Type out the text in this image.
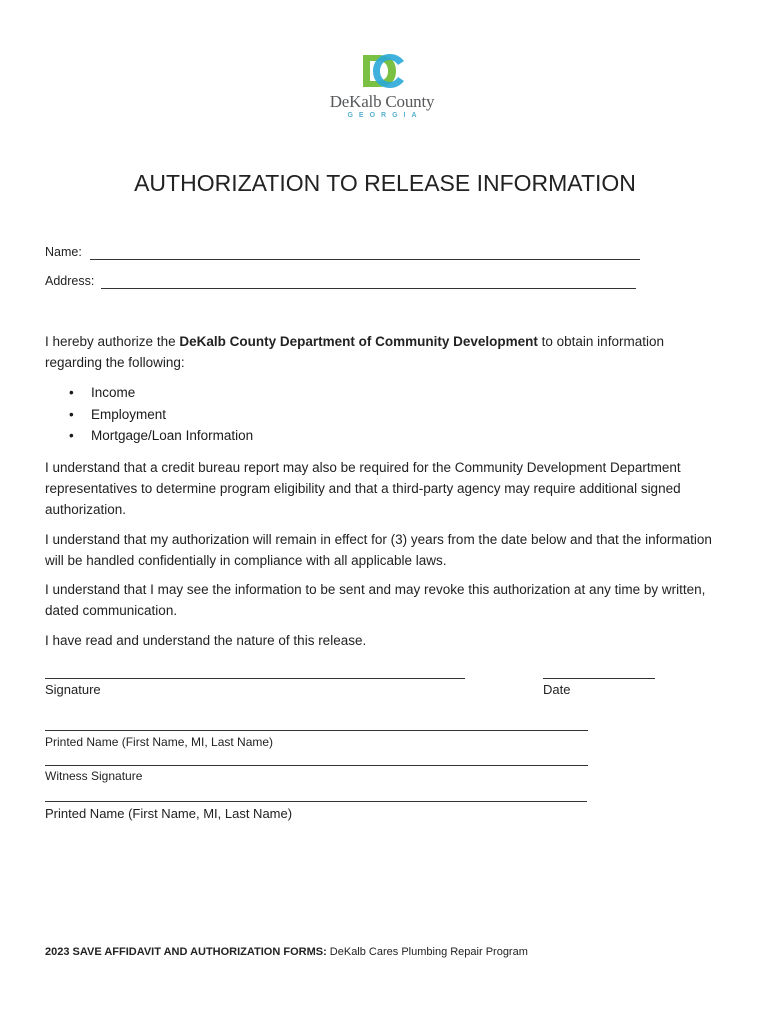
DeKalb County
GEORGIA
AUTHORIZATION TO RELEASE INFORMATION
Name:
Address:
I hereby authorize the DeKalb County Department of Community Development to obtain information regarding the following:
• Income
• Employment
• Mortgage/Loan Information
I understand that a credit bureau report may also be required for the Community Development Department representatives to determine program eligibility and that a third-party agency may require additional signed authorization.
I understand that my authorization will remain in effect for (3) years from the date below and that the information will be handled confidentially in compliance with all applicable laws.
I understand that I may see the information to be sent and may revoke this authorization at any time by written, dated communication.
I have read and understand the nature of this release.
Signature	Date
Printed Name (First Name, MI, Last Name)
Witness Signature
Printed Name (First Name, MI, Last Name)
2023 SAVE AFFIDAVIT AND AUTHORIZATION FORMS: DeKalb Cares Plumbing Repair Program
